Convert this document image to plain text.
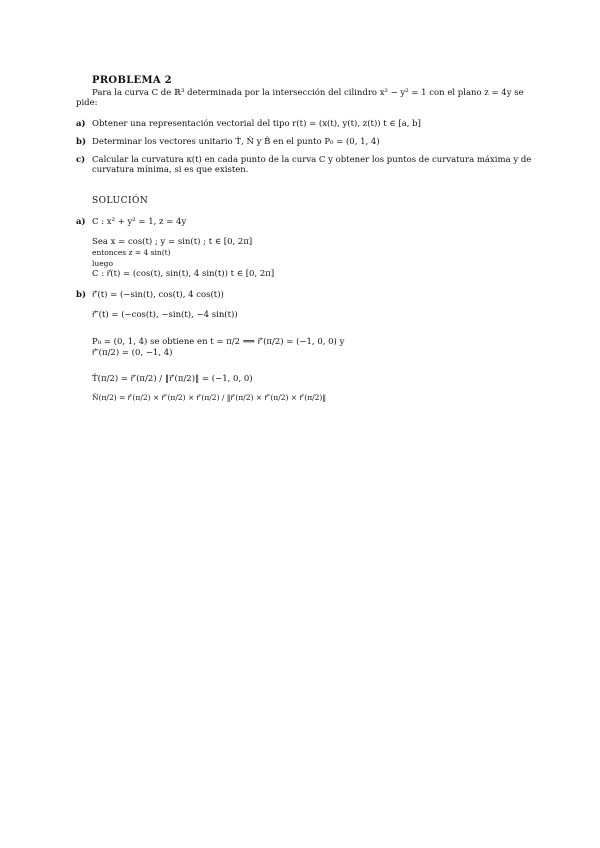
PROBLEMA 2
Para la curva C de ℝ³ determinada por la intersección del cilindro x² − y² = 1 con el plano z = 4y se
pide:
a) Obtener una representación vectorial del tipo r(t) = (x(t), y(t), z(t)) t ∈ [a, b]
b) Determinar los vectores unitario T̂, N̂ y B̂ en el punto P₀ = (0, 1, 4)
c) Calcular la curvatura κ(t) en cada punto de la curva C y obtener los puntos de curvatura máxima y de
curvatura mínima, si es que existen.
SOLUCIÓN
a) C : x² + y² = 1, z = 4y
Sea x = cos(t) ; y = sin(t) ; t ∈ [0, 2π]
entonces z = 4 sin(t)
luego
C : r⃗(t) = (cos(t), sin(t), 4 sin(t)) t ∈ [0, 2π]
b) r⃗′(t) = (−sin(t), cos(t), 4 cos(t))
r⃗″(t) = (−cos(t), −sin(t), −4 sin(t))
P₀ = (0, 1, 4) se obtiene en t = π/2 ⟹ r⃗′(π/2) = (−1, 0, 0) y
r⃗″(π/2) = (0, −1, 4)
T̂(π/2) = r⃗′(π/2) / ‖r⃗′(π/2)‖ = (−1, 0, 0)
N̂(π/2) = r⃗′(π/2) × r⃗″(π/2) × r⃗′(π/2) / ‖r⃗′(π/2) × r⃗″(π/2) × r⃗′(π/2)‖
